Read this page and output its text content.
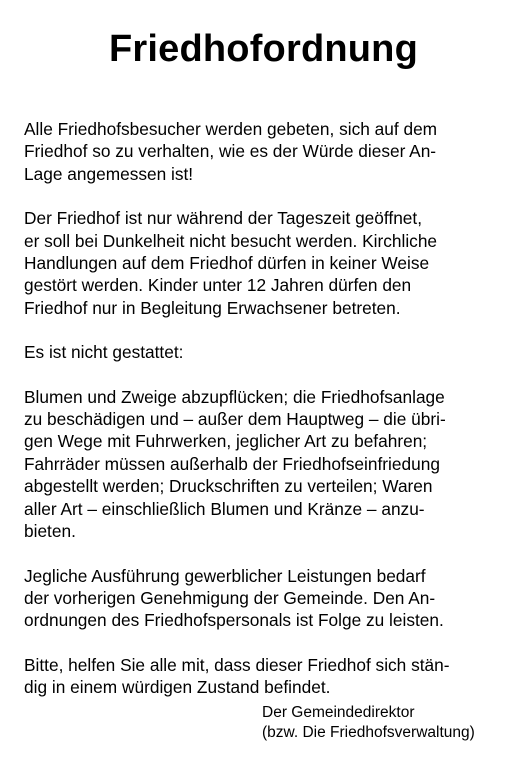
Friedhofordnung

Alle Friedhofsbesucher werden gebeten, sich auf dem
Friedhof so zu verhalten, wie es der Würde dieser An-
Lage angemessen ist!

Der Friedhof ist nur während der Tageszeit geöffnet,
er soll bei Dunkelheit nicht besucht werden. Kirchliche
Handlungen auf dem Friedhof dürfen in keiner Weise
gestört werden. Kinder unter 12 Jahren dürfen den
Friedhof nur in Begleitung Erwachsener betreten.

Es ist nicht gestattet:

Blumen und Zweige abzupflücken; die Friedhofsanlage
zu beschädigen und – außer dem Hauptweg – die übri-
gen Wege mit Fuhrwerken, jeglicher Art zu befahren;
Fahrräder müssen außerhalb der Friedhofseinfriedung
abgestellt werden; Druckschriften zu verteilen; Waren
aller Art – einschließlich Blumen und Kränze – anzu-
bieten.

Jegliche Ausführung gewerblicher Leistungen bedarf
der vorherigen Genehmigung der Gemeinde. Den An-
ordnungen des Friedhofspersonals ist Folge zu leisten.

Bitte, helfen Sie alle mit, dass dieser Friedhof sich stän-
dig in einem würdigen Zustand befindet.

Der Gemeindedirektor
(bzw. Die Friedhofsverwaltung)
